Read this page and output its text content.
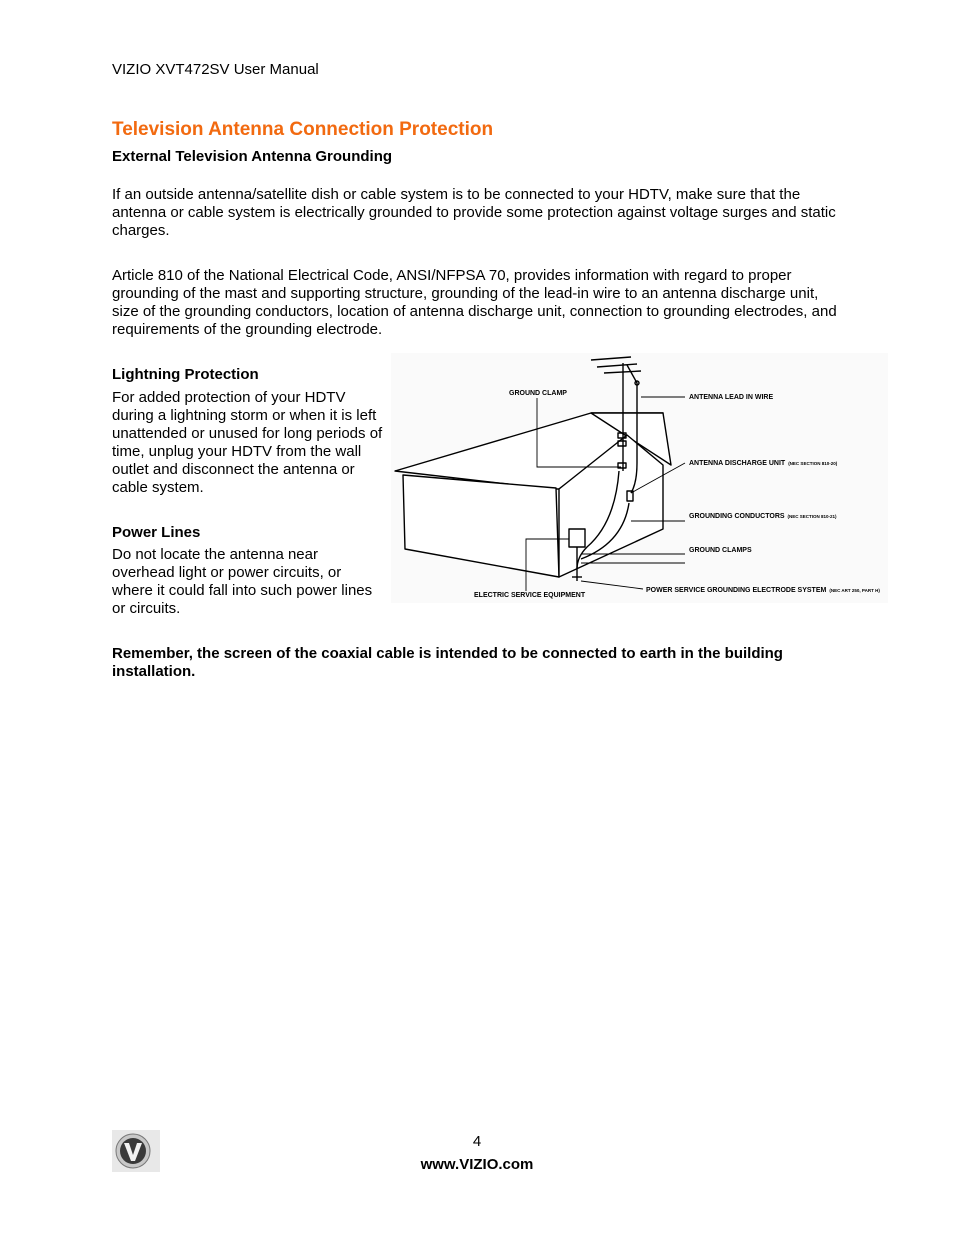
VIZIO XVT472SV User Manual
Television Antenna Connection Protection
External Television Antenna Grounding
If an outside antenna/satellite dish or cable system is to be connected to your HDTV, make sure that the antenna or cable system is electrically grounded to provide some protection against voltage surges and static charges.
Article 810 of the National Electrical Code, ANSI/NFPSA 70, provides information with regard to proper grounding of the mast and supporting structure, grounding of the lead-in wire to an antenna discharge unit, size of the grounding conductors, location of antenna discharge unit, connection to grounding electrodes, and requirements of the grounding electrode.
Lightning Protection
For added protection of your HDTV during a lightning storm or when it is left unattended or unused for long periods of time, unplug your HDTV from the wall outlet and disconnect the antenna or cable system.
Power Lines
Do not locate the antenna near overhead light or power circuits, or where it could fall into such power lines or circuits.
GROUND CLAMP
ANTENNA LEAD IN WIRE
ANTENNA DISCHARGE UNIT (NEC SECTION 810-20)
GROUNDING CONDUCTORS (NEC SECTION 810-21)
GROUND CLAMPS
ELECTRIC SERVICE EQUIPMENT
POWER SERVICE GROUNDING ELECTRODE SYSTEM (NEC ART 250, PART H)
Remember, the screen of the coaxial cable is intended to be connected to earth in the building installation.
4
www.VIZIO.com
